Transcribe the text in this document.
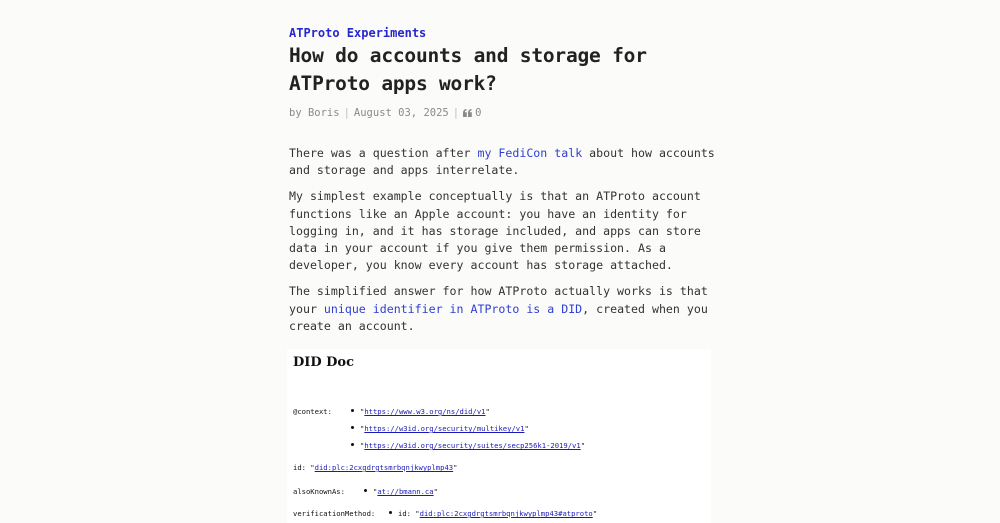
ATProto Experiments
How do accounts and storage for ATProto apps work?
by Boris | August 03, 2025 | 0

There was a question after my FediCon talk about how accounts and storage and apps interrelate.

My simplest example conceptually is that an ATProto account functions like an Apple account: you have an identity for logging in, and it has storage included, and apps can store data in your account if you give them permission. As a developer, you know every account has storage attached.

The simplified answer for how ATProto actually works is that your unique identifier in ATProto is a DID, created when you create an account.

DID Doc
@context:	"https://www.w3.org/ns/did/v1"
"https://w3id.org/security/multikey/v1"
"https://w3id.org/security/suites/secp256k1-2019/v1"
id: "did:plc:2cxgdrgtsmrbqnjkwyplmp43"
alsoKnownAs:	"at://bmann.ca"
verificationMethod:	id: "did:plc:2cxgdrgtsmrbqnjkwyplmp43#atproto"
